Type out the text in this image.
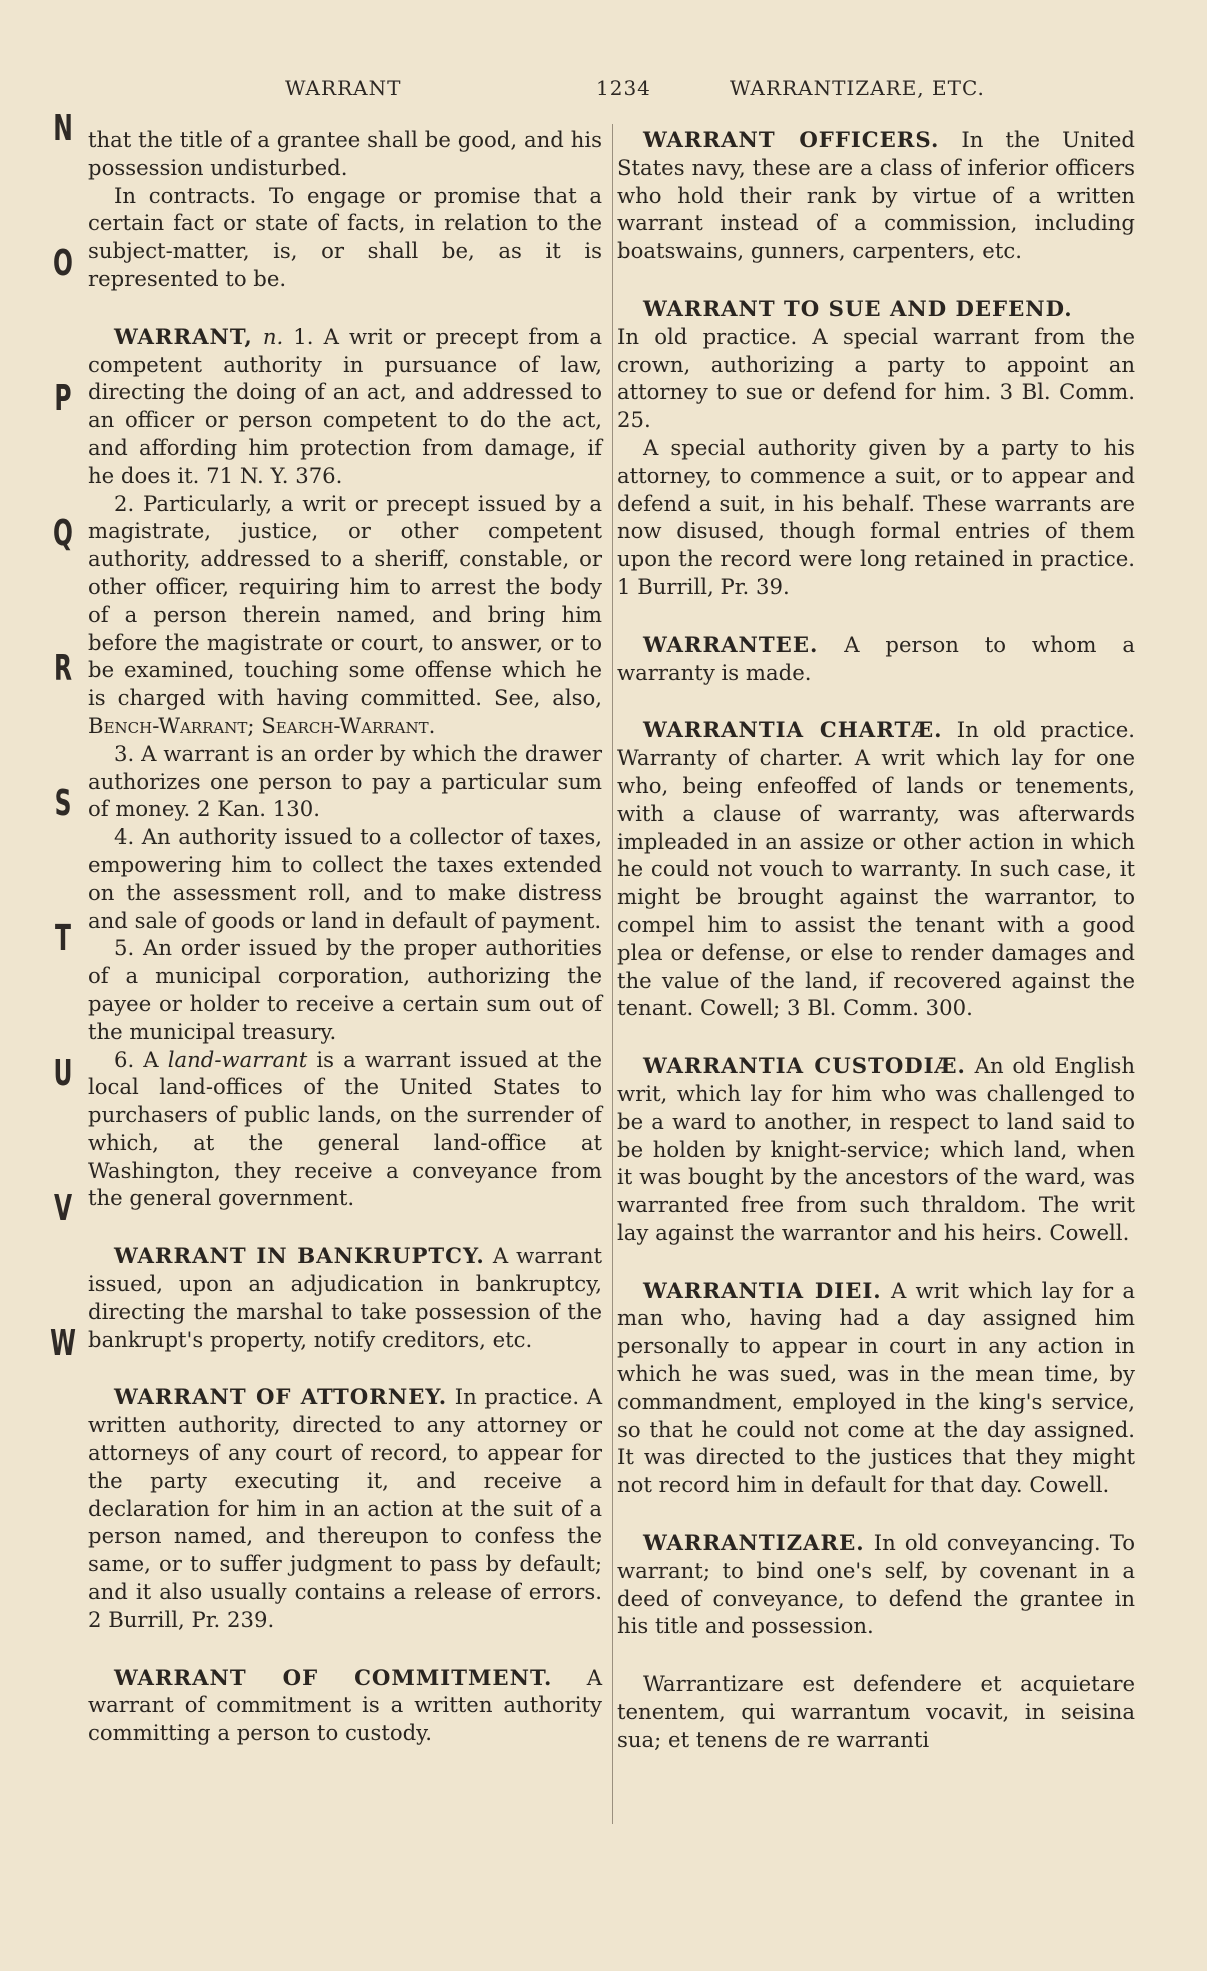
WARRANT	1234	WARRANTIZARE, ETC.
N
O
P
Q
R
S
T
U
V
W

that the title of a grantee shall be good, and his possession undisturbed.

In contracts. To engage or promise that a certain fact or state of facts, in relation to the subject-matter, is, or shall be, as it is represented to be.

WARRANT, n. 1. A writ or precept from a competent authority in pursuance of law, directing the doing of an act, and addressed to an officer or person competent to do the act, and affording him protection from damage, if he does it. 71 N. Y. 376.

2. Particularly, a writ or precept issued by a magistrate, justice, or other competent authority, addressed to a sheriff, constable, or other officer, requiring him to arrest the body of a person therein named, and bring him before the magistrate or court, to answer, or to be examined, touching some offense which he is charged with having committed. See, also, Bench-Warrant; Search-Warrant.

3. A warrant is an order by which the drawer authorizes one person to pay a particular sum of money. 2 Kan. 130.

4. An authority issued to a collector of taxes, empowering him to collect the taxes extended on the assessment roll, and to make distress and sale of goods or land in default of payment.

5. An order issued by the proper authorities of a municipal corporation, authorizing the payee or holder to receive a certain sum out of the municipal treasury.

6. A land-warrant is a warrant issued at the local land-offices of the United States to purchasers of public lands, on the surrender of which, at the general land-office at Washington, they receive a conveyance from the general government.

WARRANT IN BANKRUPTCY. A warrant issued, upon an adjudication in bankruptcy, directing the marshal to take possession of the bankrupt's property, notify creditors, etc.

WARRANT OF ATTORNEY. In practice. A written authority, directed to any attorney or attorneys of any court of record, to appear for the party executing it, and receive a declaration for him in an action at the suit of a person named, and thereupon to confess the same, or to suffer judgment to pass by default; and it also usually contains a release of errors. 2 Burrill, Pr. 239.

WARRANT OF COMMITMENT. A warrant of commitment is a written authority committing a person to custody.

WARRANT OFFICERS. In the United States navy, these are a class of inferior officers who hold their rank by virtue of a written warrant instead of a commission, including boatswains, gunners, carpenters, etc.

WARRANT TO SUE AND DEFEND.

In old practice. A special warrant from the crown, authorizing a party to appoint an attorney to sue or defend for him. 3 Bl. Comm. 25.

A special authority given by a party to his attorney, to commence a suit, or to appear and defend a suit, in his behalf. These warrants are now disused, though formal entries of them upon the record were long retained in practice. 1 Burrill, Pr. 39.

WARRANTEE. A person to whom a warranty is made.

WARRANTIA CHARTÆ. In old practice. Warranty of charter. A writ which lay for one who, being enfeoffed of lands or tenements, with a clause of warranty, was afterwards impleaded in an assize or other action in which he could not vouch to warranty. In such case, it might be brought against the warrantor, to compel him to assist the tenant with a good plea or defense, or else to render damages and the value of the land, if recovered against the tenant. Cowell; 3 Bl. Comm. 300.

WARRANTIA CUSTODIÆ. An old English writ, which lay for him who was challenged to be a ward to another, in respect to land said to be holden by knight-service; which land, when it was bought by the ancestors of the ward, was warranted free from such thraldom. The writ lay against the warrantor and his heirs. Cowell.

WARRANTIA DIEI. A writ which lay for a man who, having had a day assigned him personally to appear in court in any action in which he was sued, was in the mean time, by commandment, employed in the king's service, so that he could not come at the day assigned. It was directed to the justices that they might not record him in default for that day. Cowell.

WARRANTIZARE. In old conveyancing. To warrant; to bind one's self, by covenant in a deed of conveyance, to defend the grantee in his title and possession.

Warrantizare est defendere et acquietare tenentem, qui warrantum vocavit, in seisina sua; et tenens de re warranti
